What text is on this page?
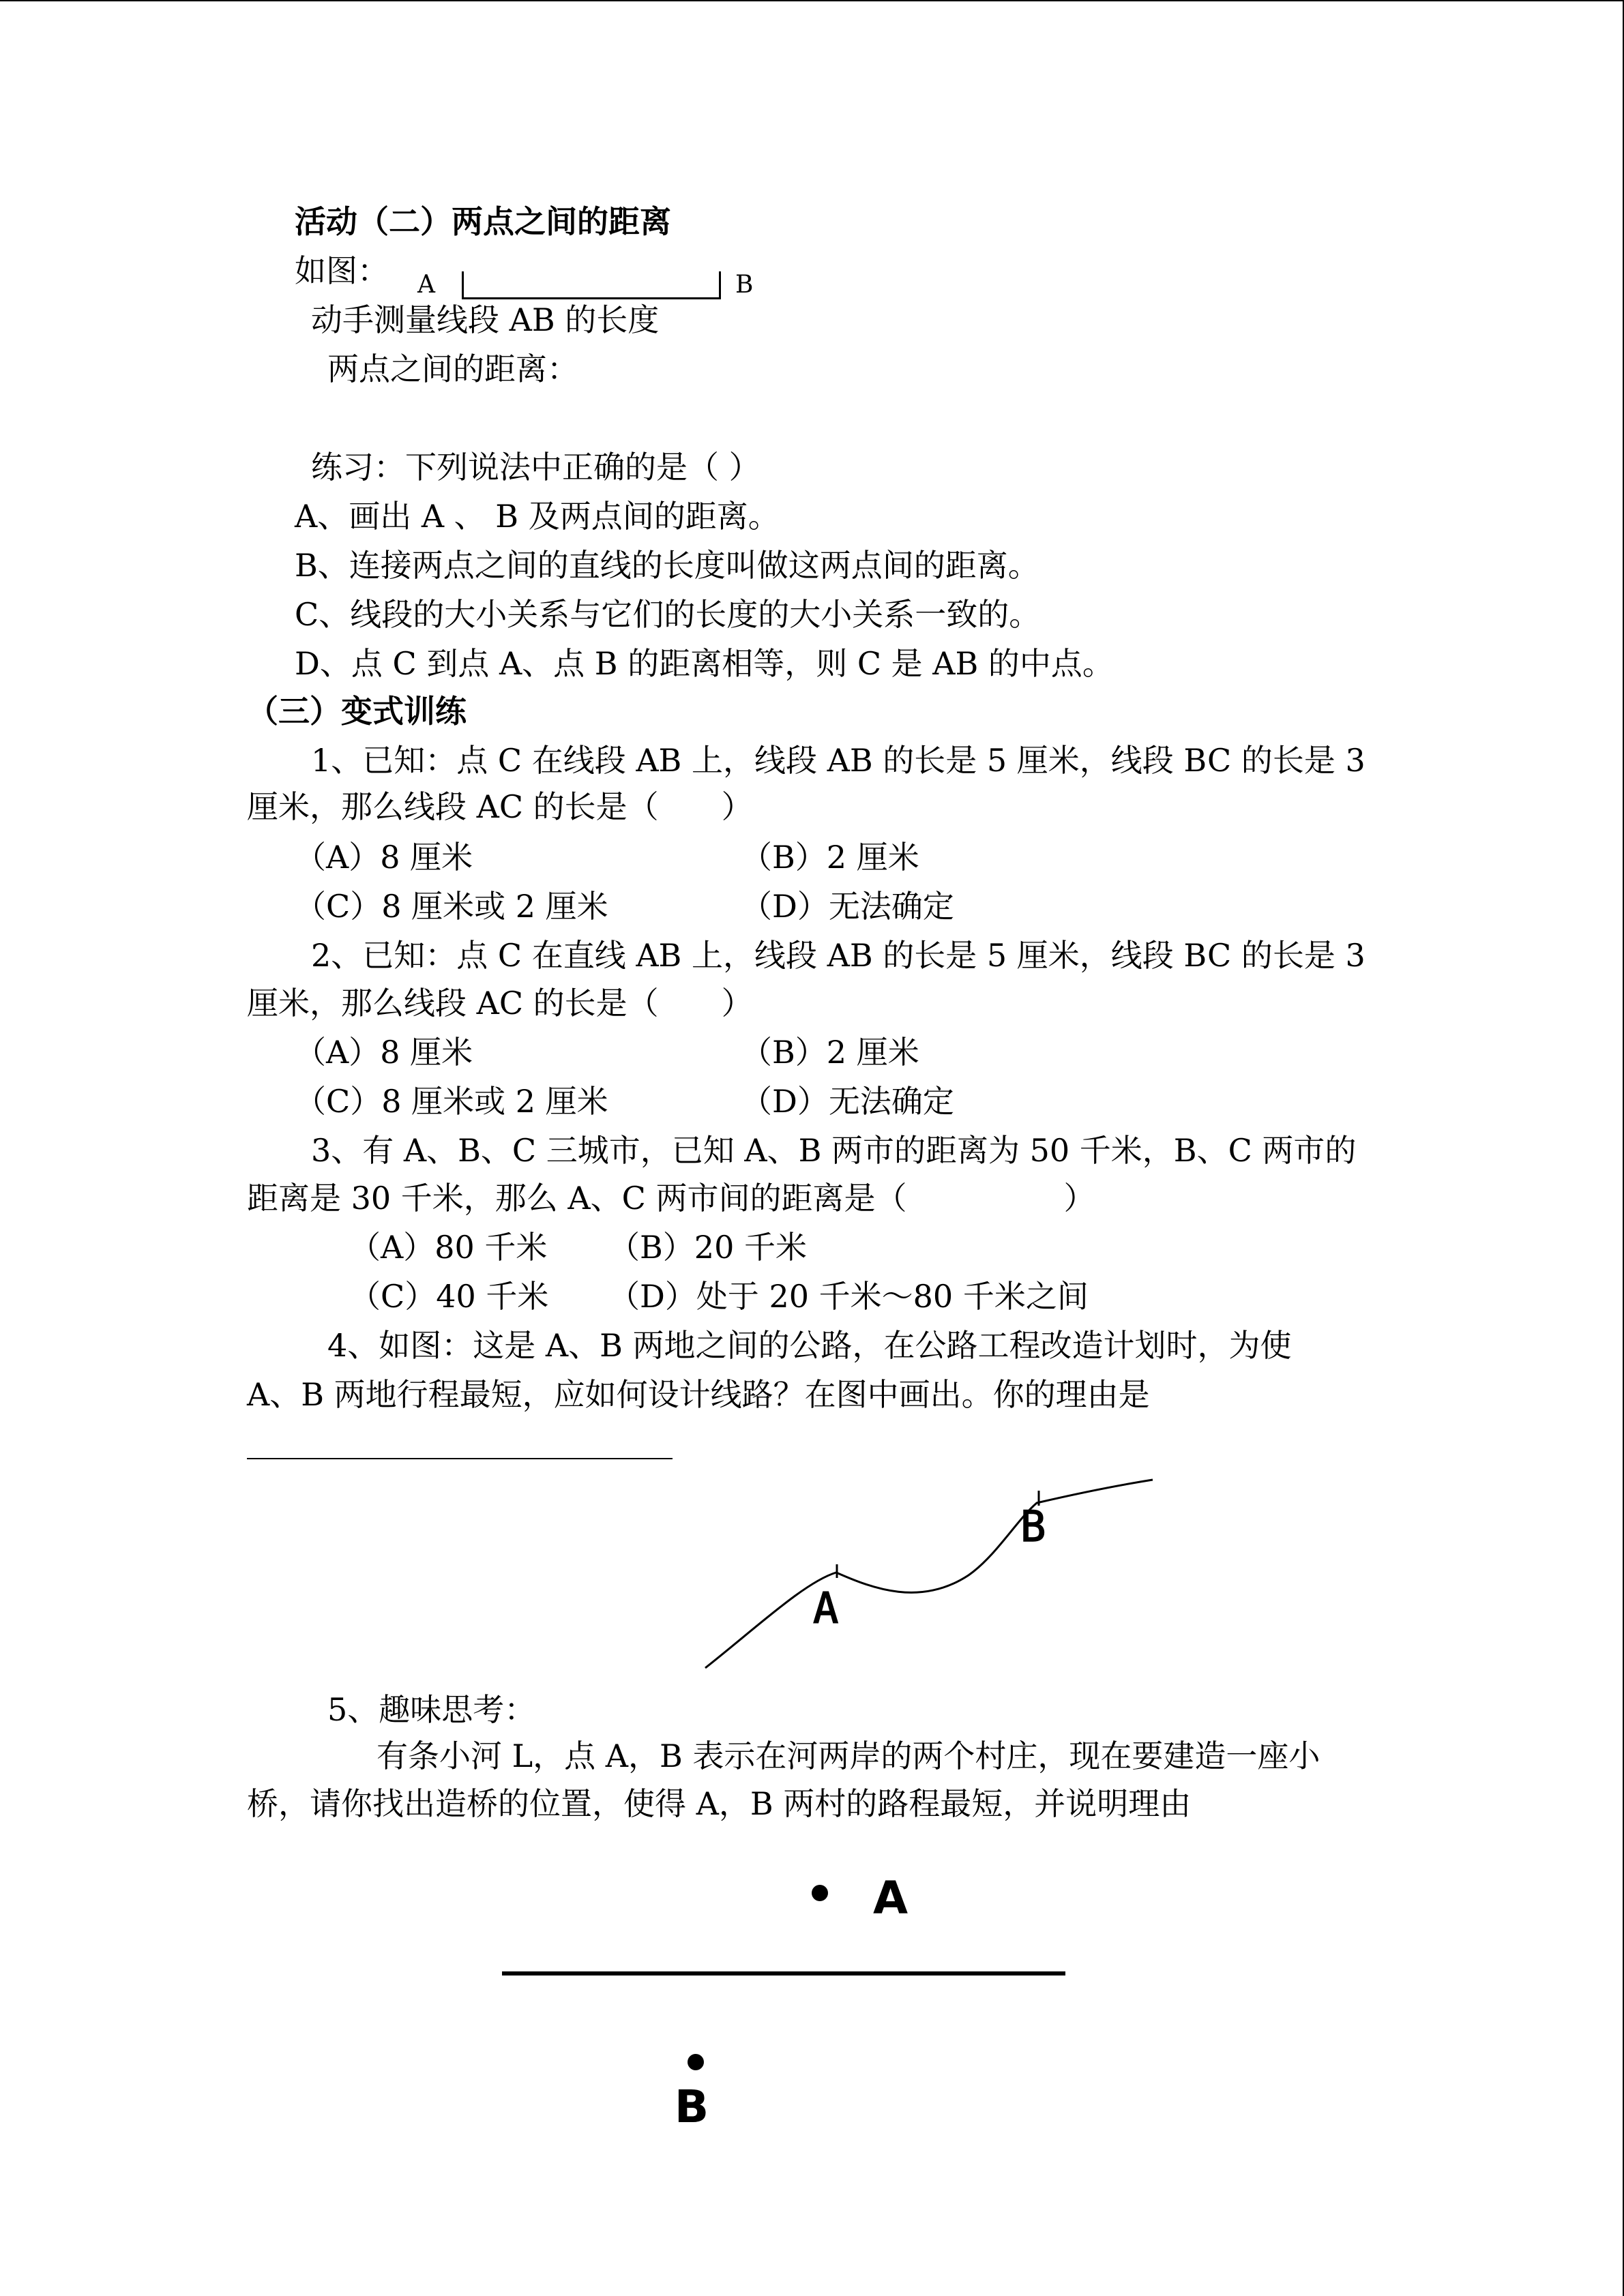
活动（二）两点之间的距离
如图： A	B
动手测量线段 AB 的长度
两点之间的距离：
练习：下列说法中正确的是（ ）
A、画出 A 、 B 及两点间的距离。
B、连接两点之间的直线的长度叫做这两点间的距离。
C、线段的大小关系与它们的长度的大小关系一致的。
D、点 C 到点 A、点 B 的距离相等，则 C 是 AB 的中点。
（三）变式训练
1、已知：点 C 在线段 AB 上，线段 AB 的长是 5 厘米，线段 BC 的长是 3
厘米，那么线段 AC 的长是（　　）
（A）8 厘米	（B）2 厘米
（C）8 厘米或 2 厘米	（D）无法确定
2、已知：点 C 在直线 AB 上，线段 AB 的长是 5 厘米，线段 BC 的长是 3
厘米，那么线段 AC 的长是（　　）
（A）8 厘米	（B）2 厘米
（C）8 厘米或 2 厘米	（D）无法确定
3、有 A、B、C 三城市，已知 A、B 两市的距离为 50 千米，B、C 两市的
距离是 30 千米，那么 A、C 两市间的距离是（　　　　　）
（A）80 千米 （B）20 千米
（C）40 千米 （D）处于 20 千米～80 千米之间
4、如图：这是 A、B 两地之间的公路，在公路工程改造计划时，为使
A、B 两地行程最短，应如何设计线路？在图中画出。你的理由是
A
B
5、趣味思考：
有条小河 L，点 A，B 表示在河两岸的两个村庄，现在要建造一座小
桥，请你找出造桥的位置，使得 A，B 两村的路程最短，并说明理由
A
B
